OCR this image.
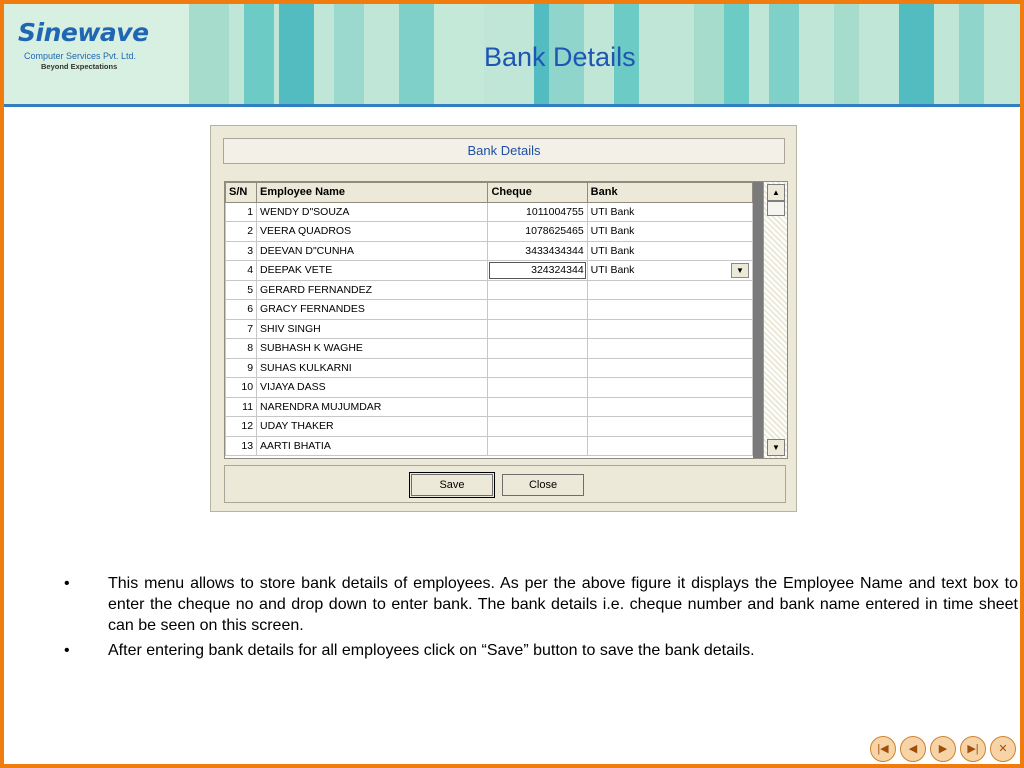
Sinewave
Computer Services Pvt. Ltd.
Beyond Expectations	Bank Details
Bank Details
S/N	Employee Name	Cheque	Bank
1	WENDY D"SOUZA	1011004755	UTI Bank
2	VEERA QUADROS	1078625465	UTI Bank
3	DEEVAN D"CUNHA	3433434344	UTI Bank
4	DEEPAK VETE	324324344	UTI Bank ▼

5	GERARD FERNANDEZ		
6	GRACY FERNANDES		
7	SHIV SINGH		
8	SUBHASH K WAGHE		
9	SUHAS KULKARNI		
10	VIJAYA DASS		
11	NARENDRA MUJUMDAR		
12	UDAY THAKER		
13	AARTI BHATIA		
▲
▼
Save	Close
•	This menu allows to store bank details of employees. As per the above figure it displays the Employee Name and text box to enter the cheque no and drop down to enter bank. The bank details i.e. cheque number and bank name entered in time sheet can be seen on this screen.
•	After entering bank details for all employees click on “Save” button to save the bank details.
|◀	◀	▶	▶|	✕
